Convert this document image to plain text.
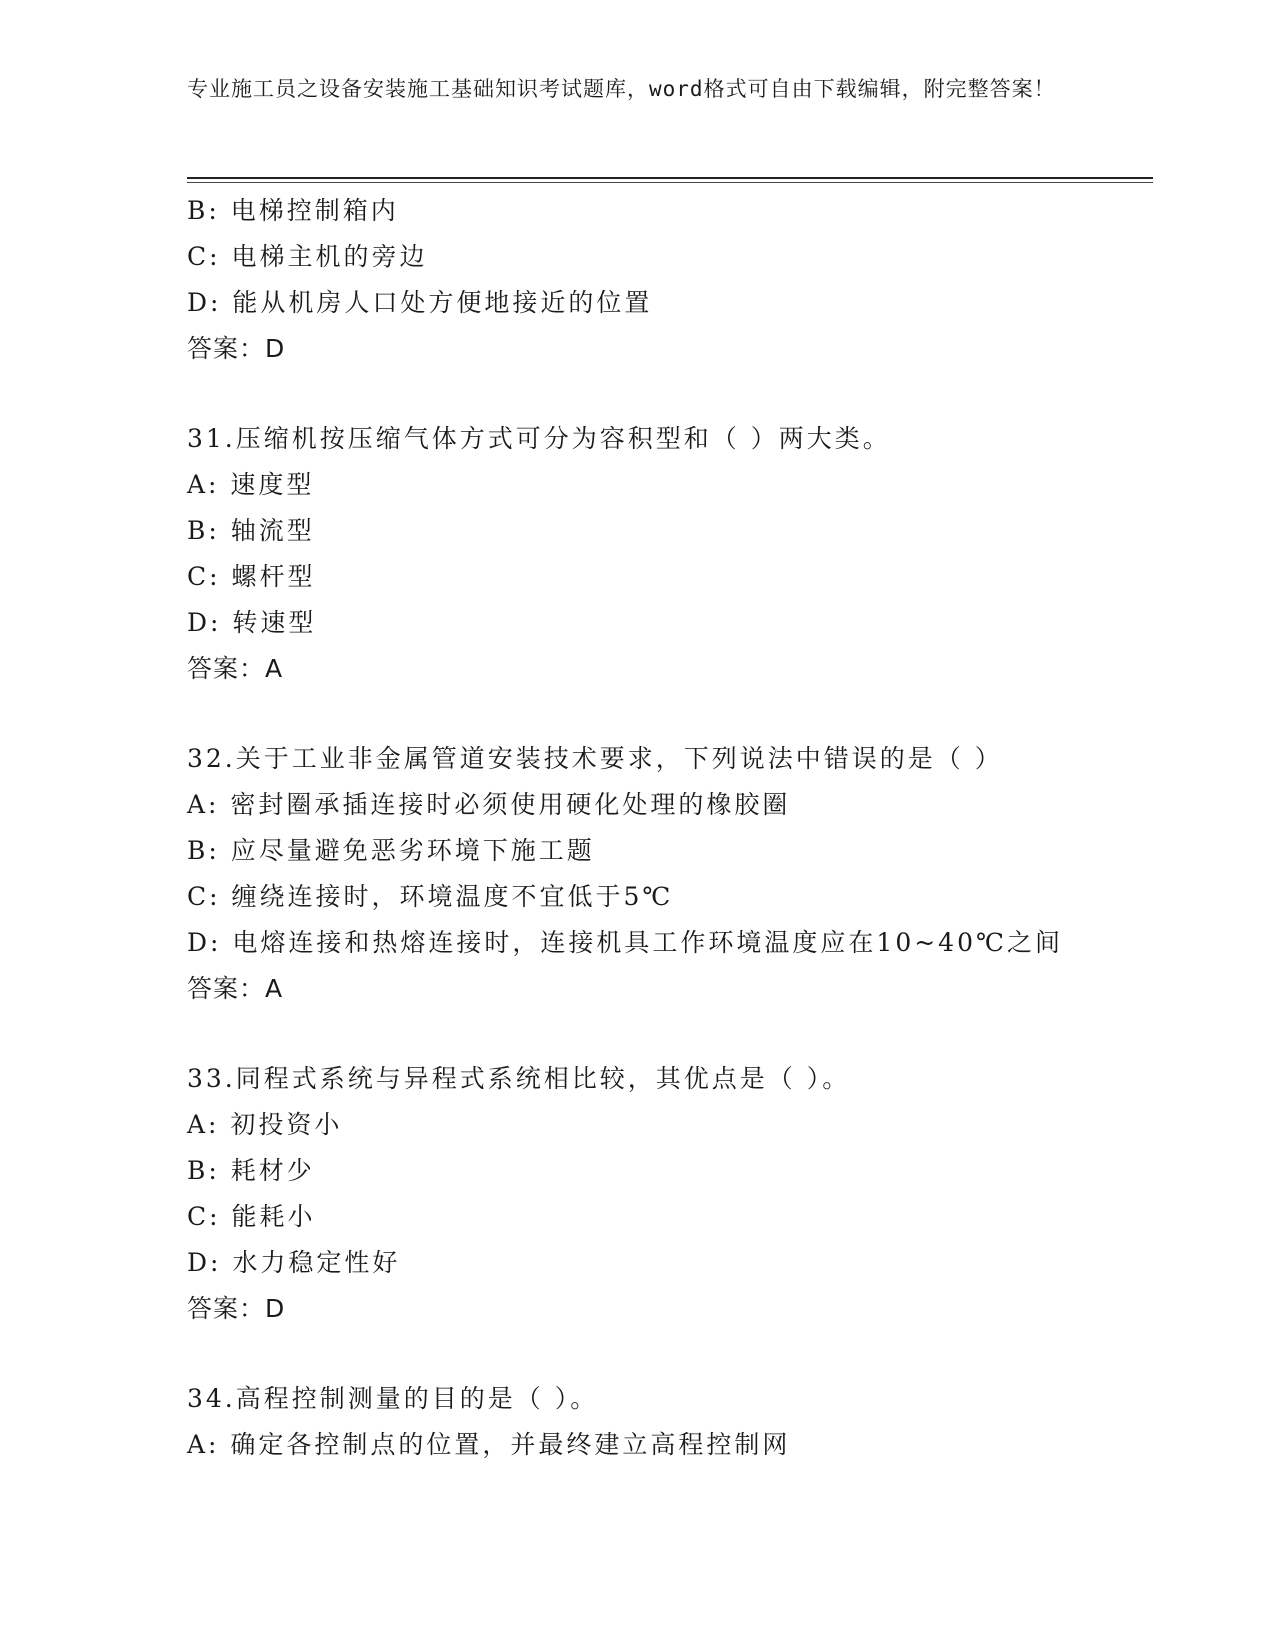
专业施工员之设备安装施工基础知识考试题库，word格式可自由下载编辑，附完整答案！
B: 电梯控制箱内
C: 电梯主机的旁边
D: 能从机房人口处方便地接近的位置
答案：D
31.压缩机按压缩气体方式可分为容积型和（ ）两大类。
A: 速度型
B: 轴流型
C: 螺杆型
D: 转速型
答案：A
32.关于工业非金属管道安装技术要求，下列说法中错误的是（ ）
A: 密封圈承插连接时必须使用硬化处理的橡胶圈
B: 应尽量避免恶劣环境下施工题
C: 缠绕连接时，环境温度不宜低于5℃
D: 电熔连接和热熔连接时，连接机具工作环境温度应在10~40℃之间
答案：A
33.同程式系统与异程式系统相比较，其优点是（ ）。
A: 初投资小
B: 耗材少
C: 能耗小
D: 水力稳定性好
答案：D
34.高程控制测量的目的是（ ）。
A: 确定各控制点的位置，并最终建立高程控制网
